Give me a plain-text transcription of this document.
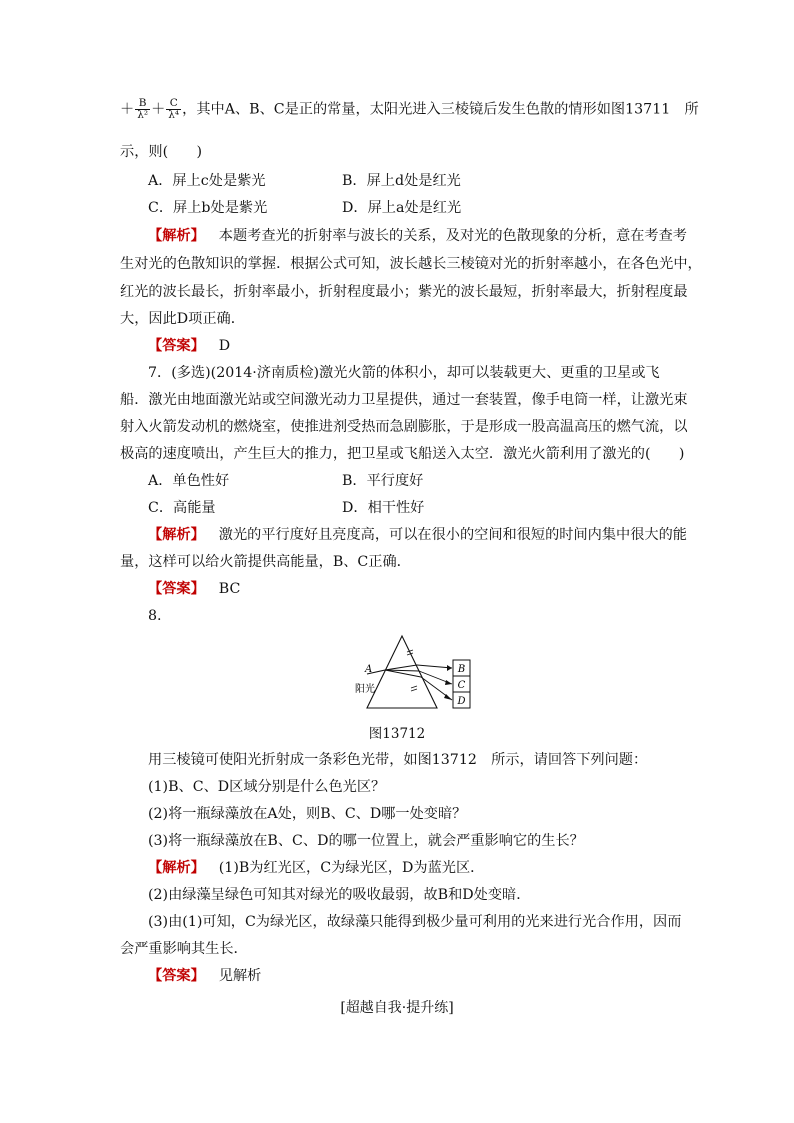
＋ $\frac{B}{\text{λ²}} + \frac{C}{\text{λ⁴}}$ ，其中A、B、C是正的常量，太阳光进入三棱镜后发生色散的情形如图13711　所
示，则(　　)
A．屏上c处是紫光	B．屏上d处是红光
C．屏上b处是紫光	D．屏上a处是红光
【解析】 本题考查光的折射率与波长的关系，及对光的色散现象的分析，意在考查考
生对光的色散知识的掌握．根据公式可知，波长越长三棱镜对光的折射率越小，在各色光中，
红光的波长最长，折射率最小，折射程度最小；紫光的波长最短，折射率最大，折射程度最
大，因此D项正确．
【答案】 D
7．(多选)(2014·济南质检)激光火箭的体积小，却可以装载更大、更重的卫星或飞
船．激光由地面激光站或空间激光动力卫星提供，通过一套装置，像手电筒一样，让激光束
射入火箭发动机的燃烧室，使推进剂受热而急剧膨胀，于是形成一股高温高压的燃气流，以
极高的速度喷出，产生巨大的推力，把卫星或飞船送入太空．激光火箭利用了激光的(　　)
A．单色性好	B．平行度好
C．高能量	D．相干性好
【解析】 激光的平行度好且亮度高，可以在很小的空间和很短的时间内集中很大的能
量，这样可以给火箭提供高能量，B、C正确．
【答案】 BC
8.
B
C
D
A
阳光
图13712
用三棱镜可使阳光折射成一条彩色光带，如图13712　所示，请回答下列问题：
(1)B、C、D区域分别是什么色光区？
(2)将一瓶绿藻放在A处，则B、C、D哪一处变暗？
(3)将一瓶绿藻放在B、C、D的哪一位置上，就会严重影响它的生长？
【解析】 (1)B为红光区，C为绿光区，D为蓝光区．
(2)由绿藻呈绿色可知其对绿光的吸收最弱，故B和D处变暗．
(3)由(1)可知，C为绿光区，故绿藻只能得到极少量可利用的光来进行光合作用，因而
会严重影响其生长．
【答案】 见解析
[超越自我·提升练]
